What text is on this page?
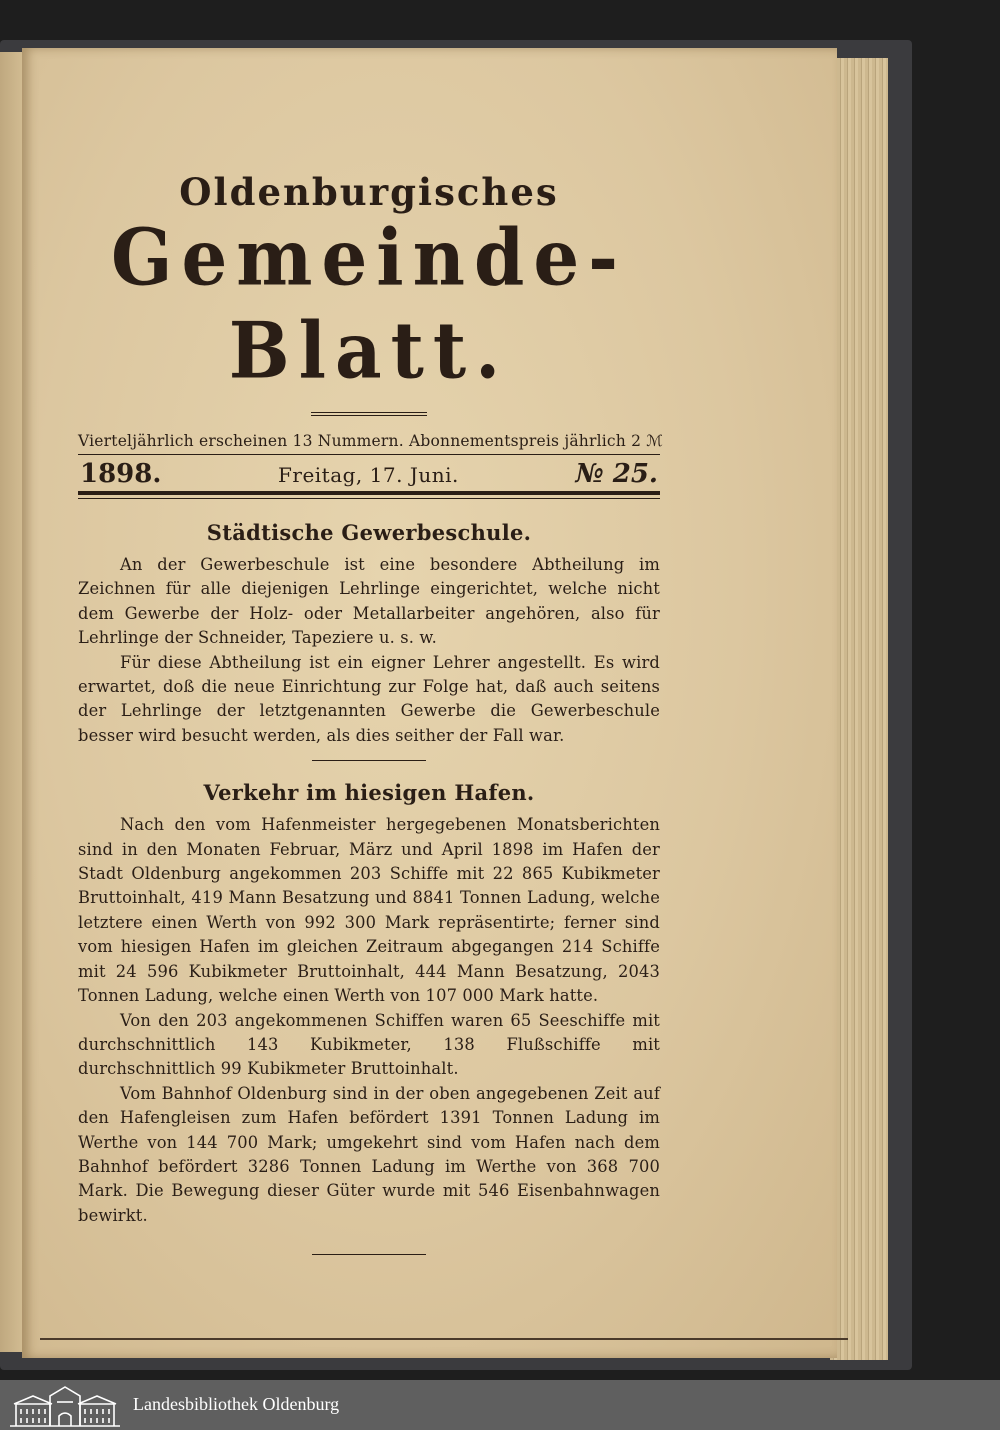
Oldenburgisches
Gemeinde-Blatt.
Vierteljährlich erscheinen 13 Nummern. Abonnementspreis jährlich 2 ℳ
1898.	Freitag, 17. Juni.	№ 25.
Städtische Gewerbeschule.

An der Gewerbeschule ist eine besondere Abtheilung im Zeichnen für alle diejenigen Lehrlinge eingerichtet, welche nicht dem Gewerbe der Holz- oder Metallarbeiter angehören, also für Lehrlinge der Schneider, Tapeziere u. s. w.

Für diese Abtheilung ist ein eigner Lehrer angestellt. Es wird erwartet, doß die neue Einrichtung zur Folge hat, daß auch seitens der Lehrlinge der letztgenannten Gewerbe die Gewerbeschule besser wird besucht werden, als dies seither der Fall war.

Verkehr im hiesigen Hafen.

Nach den vom Hafenmeister hergegebenen Monatsberichten sind in den Monaten Februar, März und April 1898 im Hafen der Stadt Oldenburg angekommen 203 Schiffe mit 22 865 Kubikmeter Bruttoinhalt, 419 Mann Besatzung und 8841 Tonnen Ladung, welche letztere einen Werth von 992 300 Mark repräsentirte; ferner sind vom hiesigen Hafen im gleichen Zeitraum abgegangen 214 Schiffe mit 24 596 Kubikmeter Bruttoinhalt, 444 Mann Besatzung, 2043 Tonnen Ladung, welche einen Werth von 107 000 Mark hatte.

Von den 203 angekommenen Schiffen waren 65 Seeschiffe mit durchschnittlich 143 Kubikmeter, 138 Flußschiffe mit durchschnittlich 99 Kubikmeter Bruttoinhalt.

Vom Bahnhof Oldenburg sind in der oben angegebenen Zeit auf den Hafengleisen zum Hafen befördert 1391 Tonnen Ladung im Werthe von 144 700 Mark; umgekehrt sind vom Hafen nach dem Bahnhof befördert 3286 Tonnen Ladung im Werthe von 368 700 Mark. Die Bewegung dieser Güter wurde mit 546 Eisenbahnwagen bewirkt.

Landesbibliothek Oldenburg
